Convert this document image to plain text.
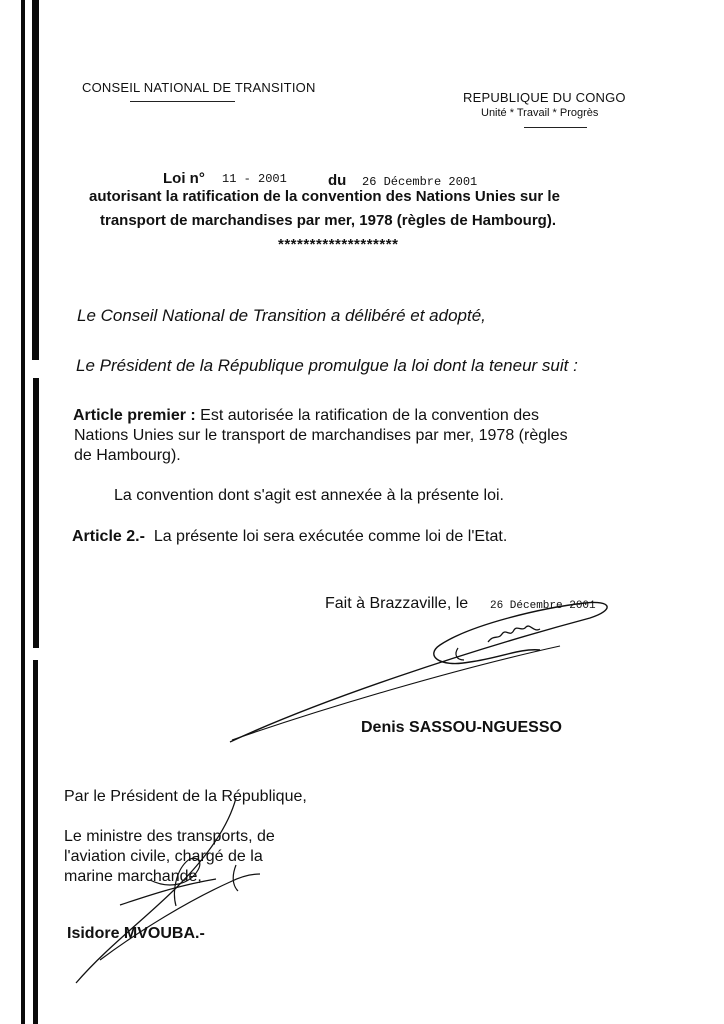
CONSEIL NATIONAL DE TRANSITION
REPUBLIQUE DU CONGO
Unité * Travail * Progrès
Loi n° 11 - 2001	du 26 Décembre 2001
autorisant la ratification de la convention des Nations Unies sur le
transport de marchandises par mer, 1978 (règles de Hambourg).
*******************
Le Conseil National de Transition a délibéré et adopté,
Le Président de la République promulgue la loi dont la teneur suit :
Article premier : Est autorisée la ratification de la convention des
Nations Unies sur le transport de marchandises par mer, 1978 (règles
de Hambourg).
La convention dont s'agit est annexée à la présente loi.
Article 2.- La présente loi sera exécutée comme loi de l'Etat.
Fait à Brazzaville, le 26 Décembre 2001
Denis SASSOU-NGUESSO
Par le Président de la République,
Le ministre des transports, de
l'aviation civile, chargé de la
marine marchande,
Isidore MVOUBA.-
